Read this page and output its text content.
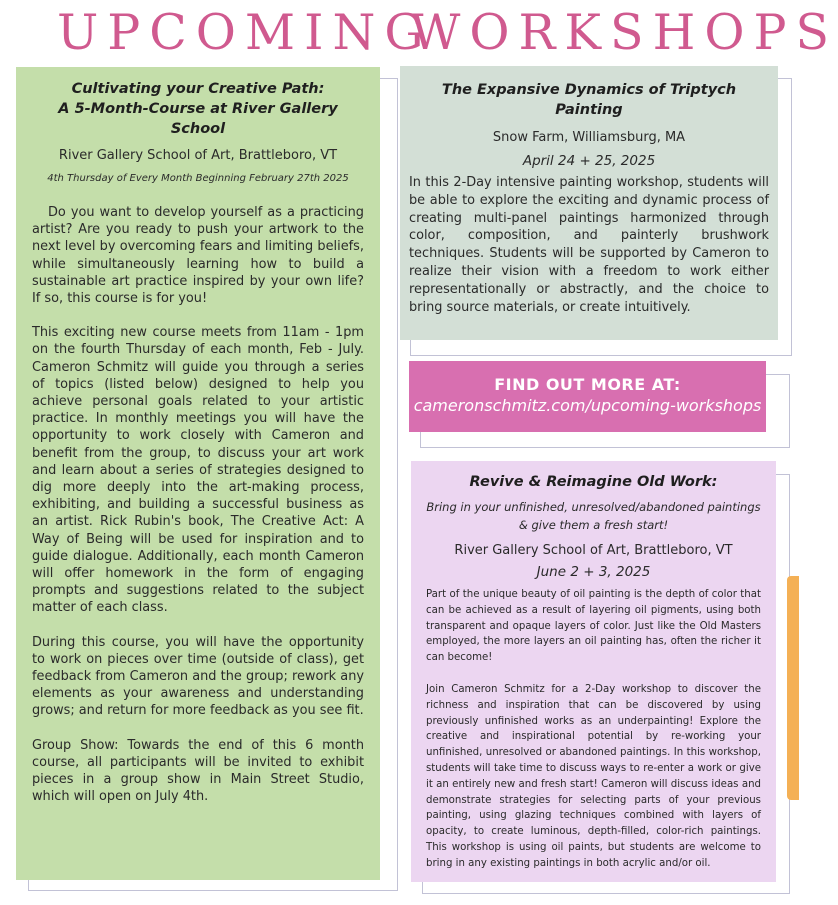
UPCOMING
WORKSHOPS

Cultivating your Creative Path:

A 5-Month-Course at River Gallery School

River Gallery School of Art, Brattleboro, VT

4th Thursday of Every Month Beginning February 27th 2025

Do you want to develop yourself as a practicing artist? Are you ready to push your artwork to the next level by overcoming fears and limiting beliefs, while simultaneously learning how to build a sustainable art practice inspired by your own life? If so, this course is for you!

This exciting new course meets from 11am - 1pm on the fourth Thursday of each month, Feb - July. Cameron Schmitz will guide you through a series of topics (listed below) designed to help you achieve personal goals related to your artistic practice. In monthly meetings you will have the opportunity to work closely with Cameron and benefit from the group, to discuss your art work and learn about a series of strategies designed to dig more deeply into the art-making process, exhibiting, and building a successful business as an artist. Rick Rubin's book, The Creative Act: A Way of Being will be used for inspiration and to guide dialogue. Additionally, each month Cameron will offer homework in the form of engaging prompts and suggestions related to the subject matter of each class.

During this course, you will have the opportunity to work on pieces over time (outside of class), get feedback from Cameron and the group; rework any elements as your awareness and understanding grows; and return for more feedback as you see fit.

Group Show: Towards the end of this 6 month course, all participants will be invited to exhibit pieces in a group show in Main Street Studio, which will open on July 4th.

The Expansive Dynamics of Triptych Painting

Snow Farm, Williamsburg, MA

April 24 + 25, 2025

In this 2-Day intensive painting workshop, students will be able to explore the exciting and dynamic process of creating multi-panel paintings harmonized through color, composition, and painterly brushwork techniques. Students will be supported by Cameron to realize their vision with a freedom to work either representationally or abstractly, and the choice to bring source materials, or create intuitively.

FIND OUT MORE AT:

cameronschmitz.com/upcoming-workshops

Revive & Reimagine Old Work:

Bring in your unfinished, unresolved/abandoned paintings

& give them a fresh start!

River Gallery School of Art, Brattleboro, VT

June 2 + 3, 2025

Part of the unique beauty of oil painting is the depth of color that can be achieved as a result of layering oil pigments, using both transparent and opaque layers of color. Just like the Old Masters employed, the more layers an oil painting has, often the richer it can become!

Join Cameron Schmitz for a 2-Day workshop to discover the richness and inspiration that can be discovered by using previously unfinished works as an underpainting! Explore the creative and inspirational potential by re-working your unfinished, unresolved or abandoned paintings. In this workshop, students will take time to discuss ways to re-enter a work or give it an entirely new and fresh start! Cameron will discuss ideas and demonstrate strategies for selecting parts of your previous painting, using glazing techniques combined with layers of opacity, to create luminous, depth-filled, color-rich paintings. This workshop is using oil paints, but students are welcome to bring in any existing paintings in both acrylic and/or oil.
